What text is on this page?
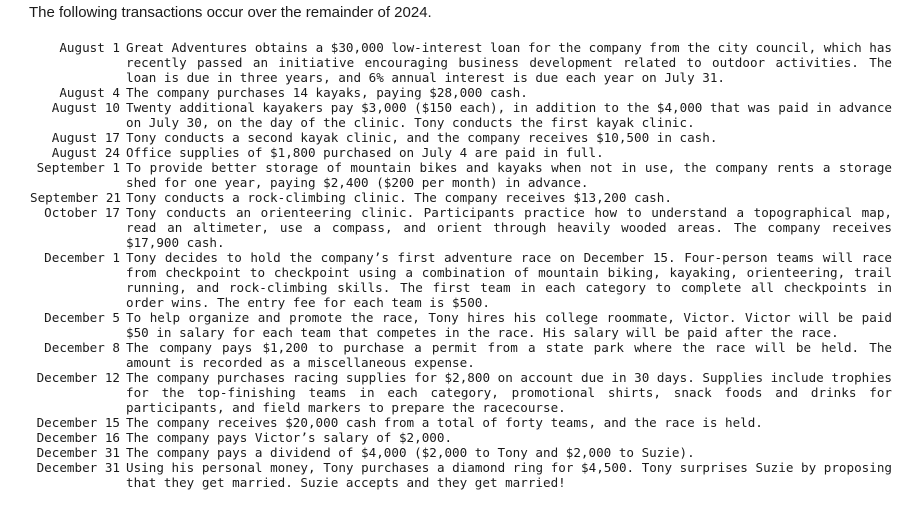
The following transactions occur over the remainder of 2024.
August 1 Great Adventures obtains a $30,000 low-interest loan for the company from the city council, which has recently passed an initiative encouraging business development related to outdoor activities. The loan is due in three years, and 6% annual interest is due each year on July 31.
August 4 The company purchases 14 kayaks, paying $28,000 cash.
August 10 Twenty additional kayakers pay $3,000 ($150 each), in addition to the $4,000 that was paid in advance on July 30, on the day of the clinic. Tony conducts the first kayak clinic.
August 17 Tony conducts a second kayak clinic, and the company receives $10,500 in cash.
August 24 Office supplies of $1,800 purchased on July 4 are paid in full.
September 1 To provide better storage of mountain bikes and kayaks when not in use, the company rents a storage shed for one year, paying $2,400 ($200 per month) in advance.
September 21 Tony conducts a rock-climbing clinic. The company receives $13,200 cash.
October 17 Tony conducts an orienteering clinic. Participants practice how to understand a topographical map, read an altimeter, use a compass, and orient through heavily wooded areas. The company receives $17,900 cash.
December 1 Tony decides to hold the company’s first adventure race on December 15. Four-person teams will race from checkpoint to checkpoint using a combination of mountain biking, kayaking, orienteering, trail running, and rock-climbing skills. The first team in each category to complete all checkpoints in order wins. The entry fee for each team is $500.
December 5 To help organize and promote the race, Tony hires his college roommate, Victor. Victor will be paid $50 in salary for each team that competes in the race. His salary will be paid after the race.
December 8 The company pays $1,200 to purchase a permit from a state park where the race will be held. The amount is recorded as a miscellaneous expense.
December 12 The company purchases racing supplies for $2,800 on account due in 30 days. Supplies include trophies for the top-finishing teams in each category, promotional shirts, snack foods and drinks for participants, and field markers to prepare the racecourse.
December 15 The company receives $20,000 cash from a total of forty teams, and the race is held.
December 16 The company pays Victor’s salary of $2,000.
December 31 The company pays a dividend of $4,000 ($2,000 to Tony and $2,000 to Suzie).
December 31 Using his personal money, Tony purchases a diamond ring for $4,500. Tony surprises Suzie by proposing that they get married. Suzie accepts and they get married!
